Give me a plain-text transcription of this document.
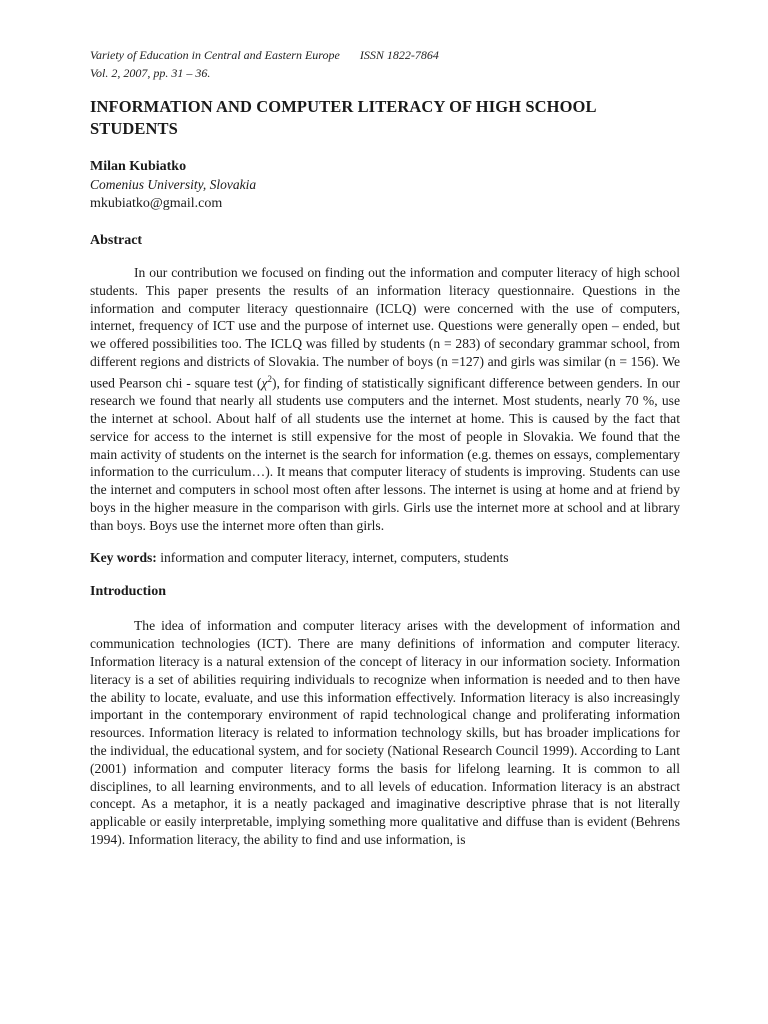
Variety of Education in Central and Eastern Europe ISSN 1822-7864
Vol. 2, 2007, pp. 31 – 36.
INFORMATION AND COMPUTER LITERACY OF HIGH SCHOOL STUDENTS
Milan Kubiatko
Comenius University, Slovakia
mkubiatko@gmail.com
Abstract

In our contribution we focused on finding out the information and computer literacy of high school students. This paper presents the results of an information literacy questionnaire. Questions in the information and computer literacy questionnaire (ICLQ) were concerned with the use of computers, internet, frequency of ICT use and the purpose of internet use. Questions were generally open – ended, but we offered possibilities too. The ICLQ was filled by students (n = 283) of secondary grammar school, from different regions and districts of Slovakia. The number of boys (n =127) and girls was similar (n = 156). We used Pearson chi - square test $(\chi^2)$, for finding of statistically significant difference between genders. In our research we found that nearly all students use computers and the internet. Most students, nearly 70 %, use the internet at school. About half of all students use the internet at home. This is caused by the fact that service for access to the internet is still expensive for the most of people in Slovakia. We found that the main activity of students on the internet is the search for information (e.g. themes on essays, complementary information to the curriculum…). It means that computer literacy of students is improving. Students can use the internet and computers in school most often after lessons. The internet is using at home and at friend by boys in the higher measure in the comparison with girls. Girls use the internet more at school and at library than boys. Boys use the internet more often than girls.

Key words: information and computer literacy, internet, computers, students
Introduction

The idea of information and computer literacy arises with the development of information and communication technologies (ICT). There are many definitions of information and computer literacy. Information literacy is a natural extension of the concept of literacy in our information society. Information literacy is a set of abilities requiring individuals to recognize when information is needed and to then have the ability to locate, evaluate, and use this information effectively. Information literacy is also increasingly important in the contemporary environment of rapid technological change and proliferating information resources. Information literacy is related to information technology skills, but has broader implications for the individual, the educational system, and for society (National Research Council 1999). According to Lant (2001) information and computer literacy forms the basis for lifelong learning. It is common to all disciplines, to all learning environments, and to all levels of education. Information literacy is an abstract concept. As a metaphor, it is a neatly packaged and imaginative descriptive phrase that is not literally applicable or easily interpretable, implying something more qualitative and diffuse than is evident (Behrens 1994). Information literacy, the ability to find and use information, is
